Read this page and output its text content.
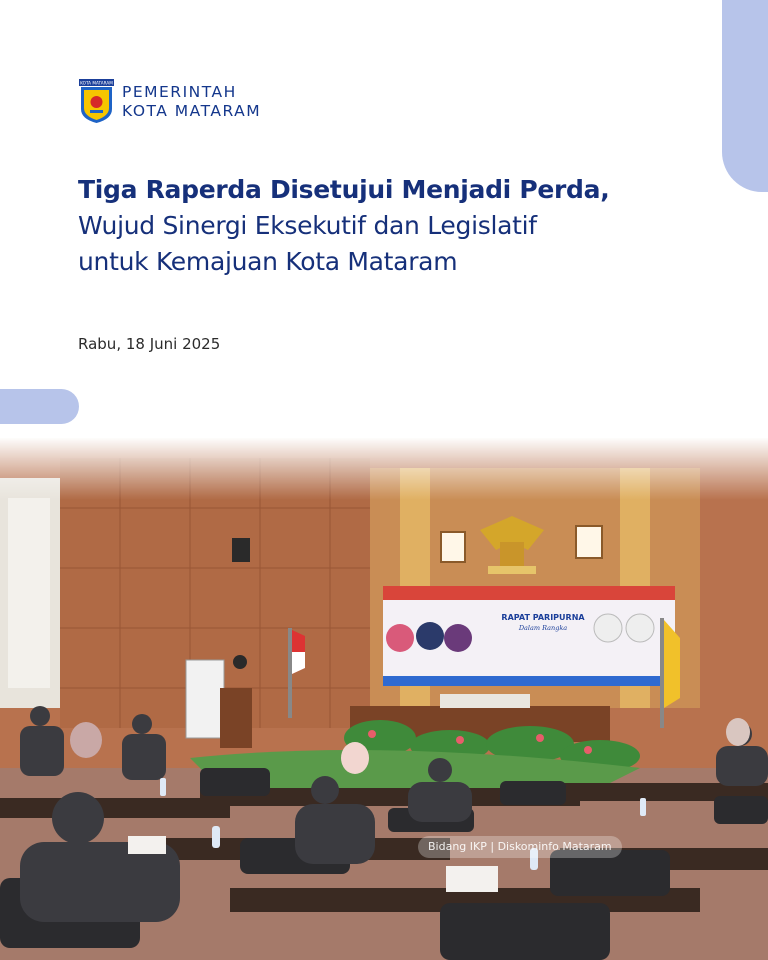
KOTA MATARAM PEMERINTAH
KOTA MATARAM
Tiga Raperda Disetujui Menjadi Perda,
Wujud Sinergi Eksekutif dan Legislatif
untuk Kemajuan Kota Mataram
Rabu, 18 Juni 2025
RAPAT PARIPURNA
Dalam Rangka
Bidang IKP | Diskominfo Mataram
